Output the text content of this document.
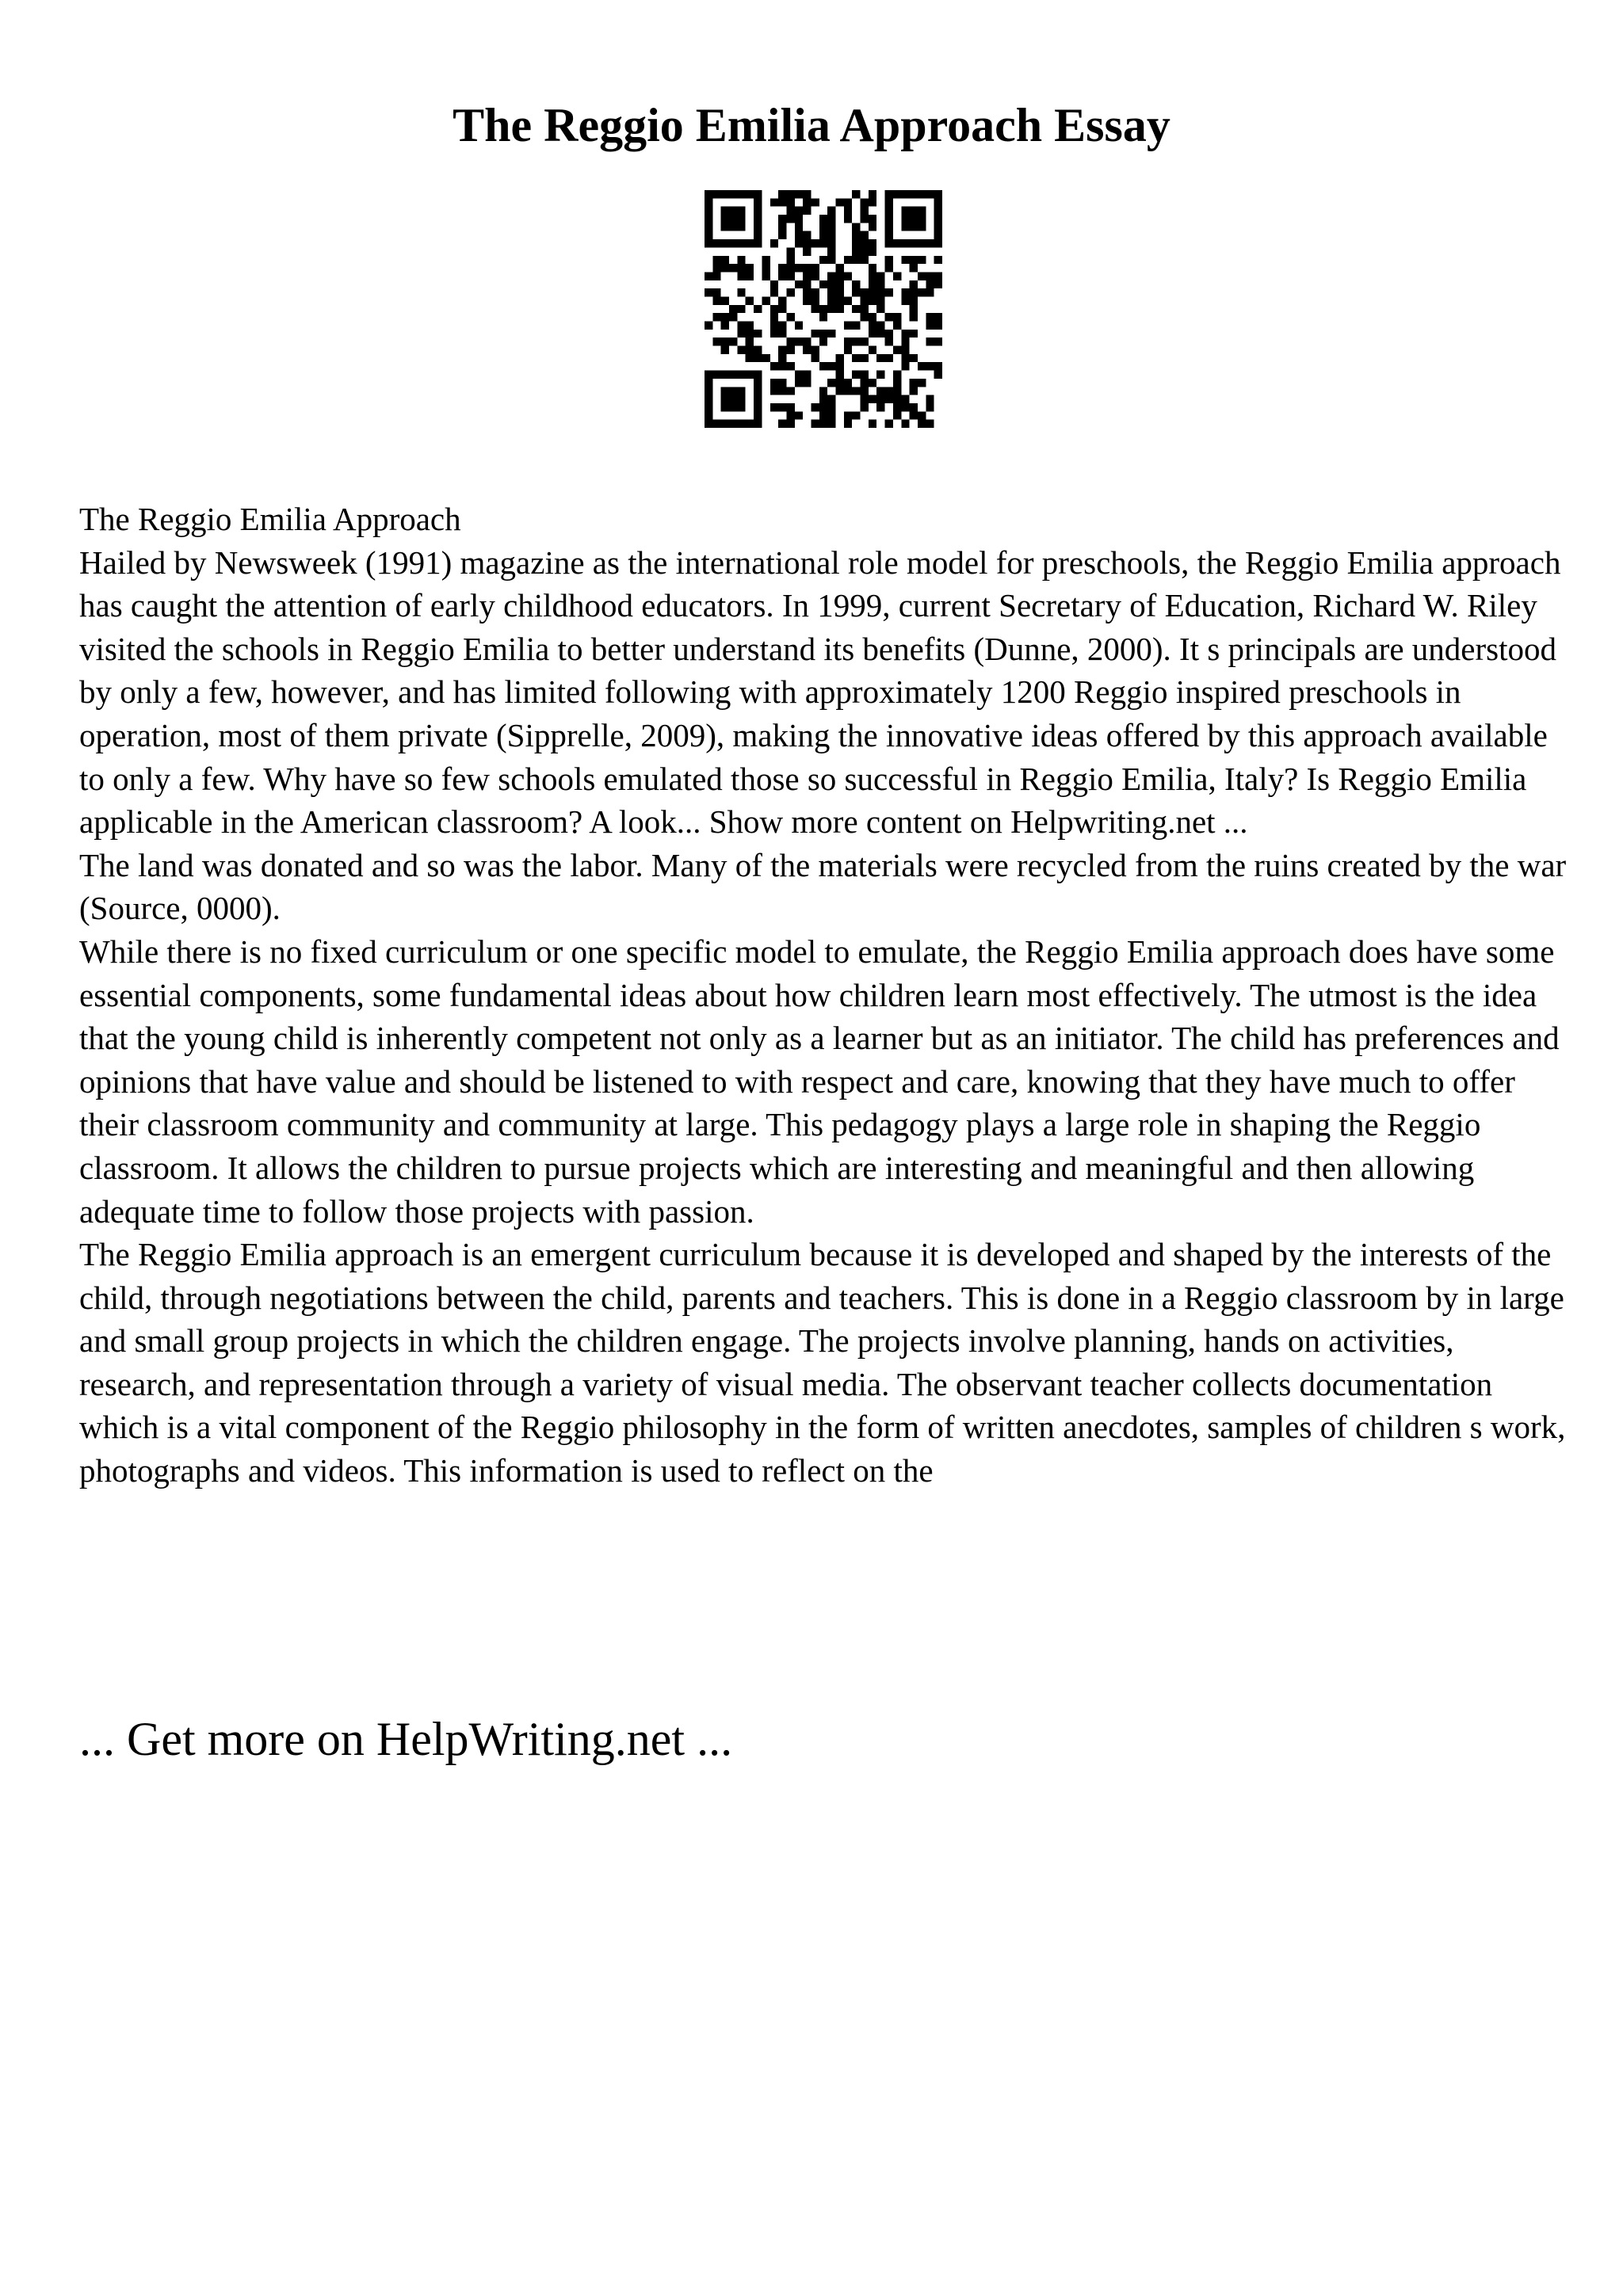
The Reggio Emilia Approach Essay

The Reggio Emilia Approach

Hailed by Newsweek (1991) magazine as the international role model for preschools, the Reggio Emilia approach has caught the attention of early childhood educators. In 1999, current Secretary of Education, Richard W. Riley visited the schools in Reggio Emilia to better understand its benefits (Dunne, 2000). It s principals are understood by only a few, however, and has limited following with approximately 1200 Reggio inspired preschools in operation, most of them private (Sipprelle, 2009), making the innovative ideas offered by this approach available to only a few. Why have so few schools emulated those so successful in Reggio Emilia, Italy? Is Reggio Emilia applicable in the American classroom? A look... Show more content on Helpwriting.net ...

The land was donated and so was the labor. Many of the materials were recycled from the ruins created by the war (Source, 0000).

While there is no fixed curriculum or one specific model to emulate, the Reggio Emilia approach does have some essential components, some fundamental ideas about how children learn most effectively. The utmost is the idea that the young child is inherently competent not only as a learner but as an initiator. The child has preferences and opinions that have value and should be listened to with respect and care, knowing that they have much to offer their classroom community and community at large. This pedagogy plays a large role in shaping the Reggio classroom. It allows the children to pursue projects which are interesting and meaningful and then allowing adequate time to follow those projects with passion.

The Reggio Emilia approach is an emergent curriculum because it is developed and shaped by the interests of the child, through negotiations between the child, parents and teachers. This is done in a Reggio classroom by in large and small group projects in which the children engage. The projects involve planning, hands on activities, research, and representation through a variety of visual media. The observant teacher collects documentation which is a vital component of the Reggio philosophy in the form of written anecdotes, samples of children s work, photographs and videos. This information is used to reflect on the

... Get more on HelpWriting.net ...
